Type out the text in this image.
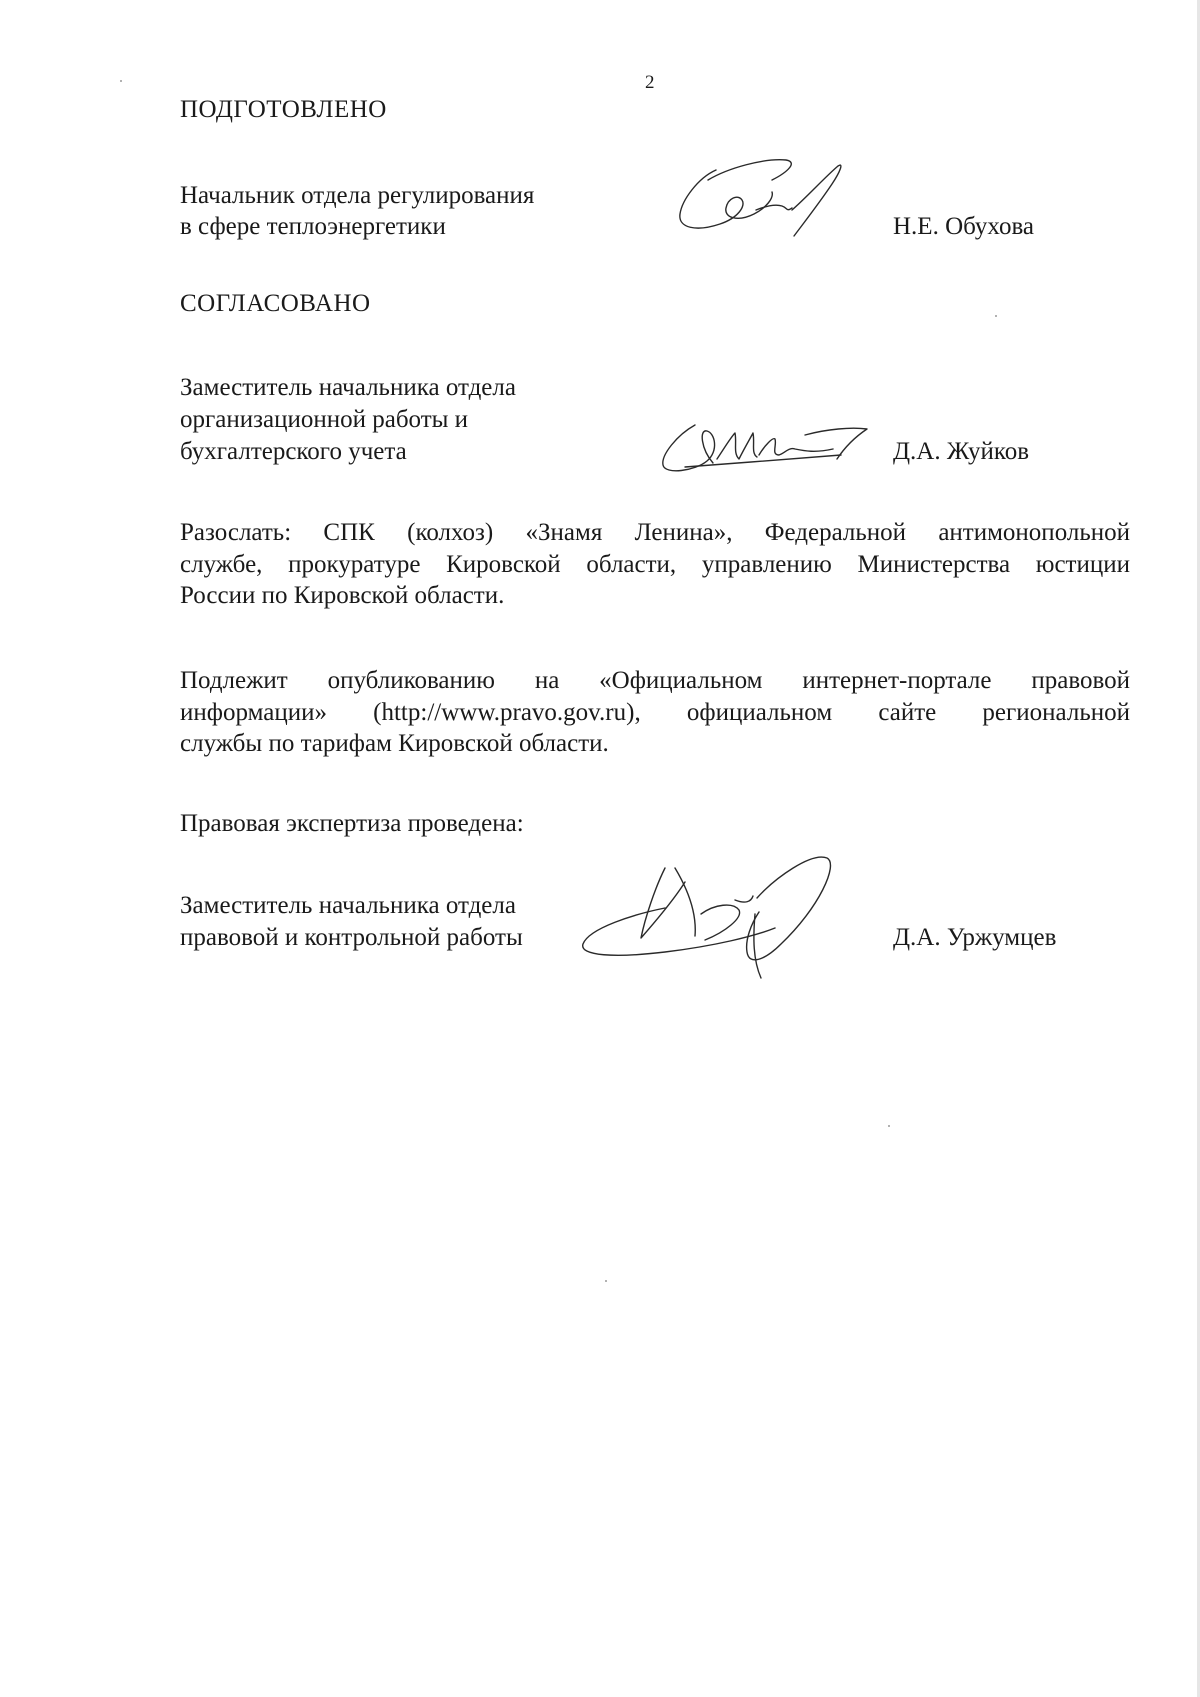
2
ПОДГОТОВЛЕНО
Начальник отдела регулирования
в сфере теплоэнергетики	Н.Е. Обухова
СОГЛАСОВАНО
Заместитель начальника отдела
организационной работы и
бухгалтерского учета	Д.А. Жуйков
Разослать: СПК (колхоз) «Знамя Ленина», Федеральной антимонопольной
службе, прокуратуре Кировской области, управлению Министерства юстиции
России по Кировской области.
Подлежит опубликованию на «Официальном интернет-портале правовой
информации» (http://www.pravo.gov.ru), официальном сайте региональной
службы по тарифам Кировской области.
Правовая экспертиза проведена:
Заместитель начальника отдела
правовой и контрольной работы	Д.А. Уржумцев
